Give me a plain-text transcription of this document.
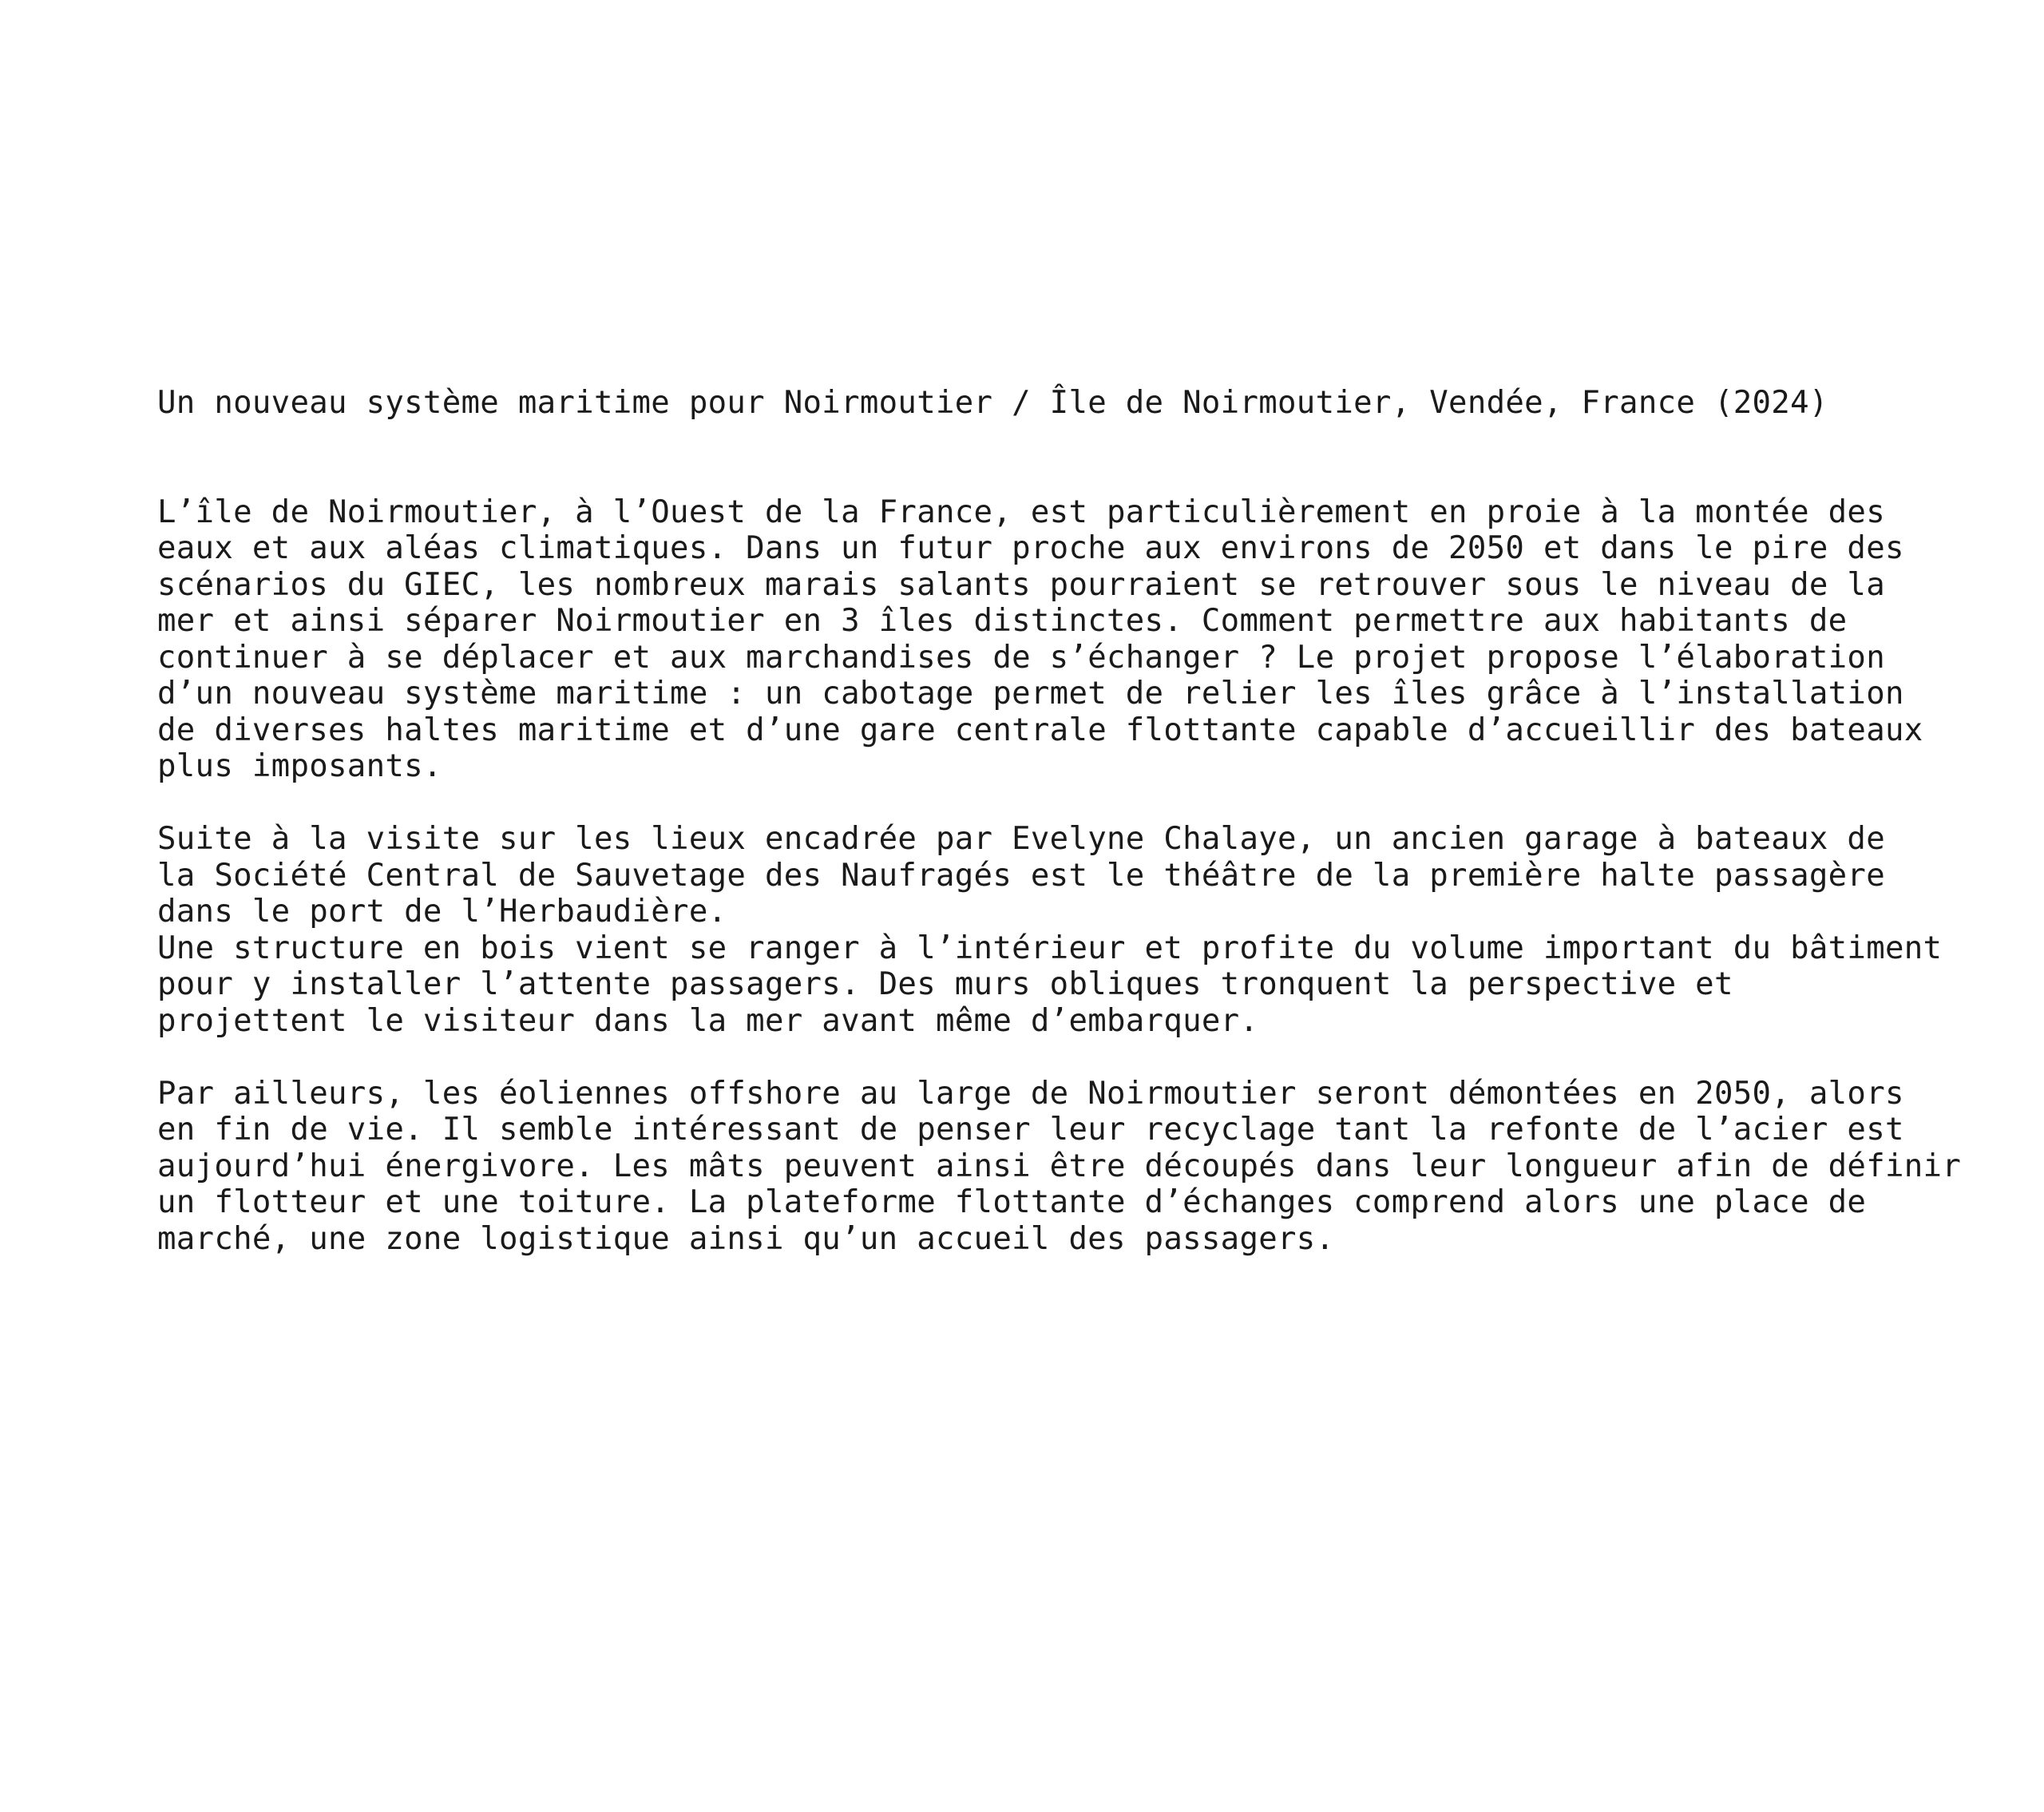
Un nouveau système maritime pour Noirmoutier / Île de Noirmoutier, Vendée, France (2024)

L’île de Noirmoutier, à l’Ouest de la France, est particulièrement en proie à la montée des
eaux et aux aléas climatiques. Dans un futur proche aux environs de 2050 et dans le pire des
scénarios du GIEC, les nombreux marais salants pourraient se retrouver sous le niveau de la
mer et ainsi séparer Noirmoutier en 3 îles distinctes. Comment permettre aux habitants de
continuer à se déplacer et aux marchandises de s’échanger ? Le projet propose l’élaboration
d’un nouveau système maritime : un cabotage permet de relier les îles grâce à l’installation
de diverses haltes maritime et d’une gare centrale flottante capable d’accueillir des bateaux
plus imposants.

Suite à la visite sur les lieux encadrée par Evelyne Chalaye, un ancien garage à bateaux de
la Société Central de Sauvetage des Naufragés est le théâtre de la première halte passagère
dans le port de l’Herbaudière.
Une structure en bois vient se ranger à l’intérieur et profite du volume important du bâtiment
pour y installer l’attente passagers. Des murs obliques tronquent la perspective et
projettent le visiteur dans la mer avant même d’embarquer.

Par ailleurs, les éoliennes offshore au large de Noirmoutier seront démontées en 2050, alors
en fin de vie. Il semble intéressant de penser leur recyclage tant la refonte de l’acier est
aujourd’hui énergivore. Les mâts peuvent ainsi être découpés dans leur longueur afin de définir
un flotteur et une toiture. La plateforme flottante d’échanges comprend alors une place de
marché, une zone logistique ainsi qu’un accueil des passagers.
